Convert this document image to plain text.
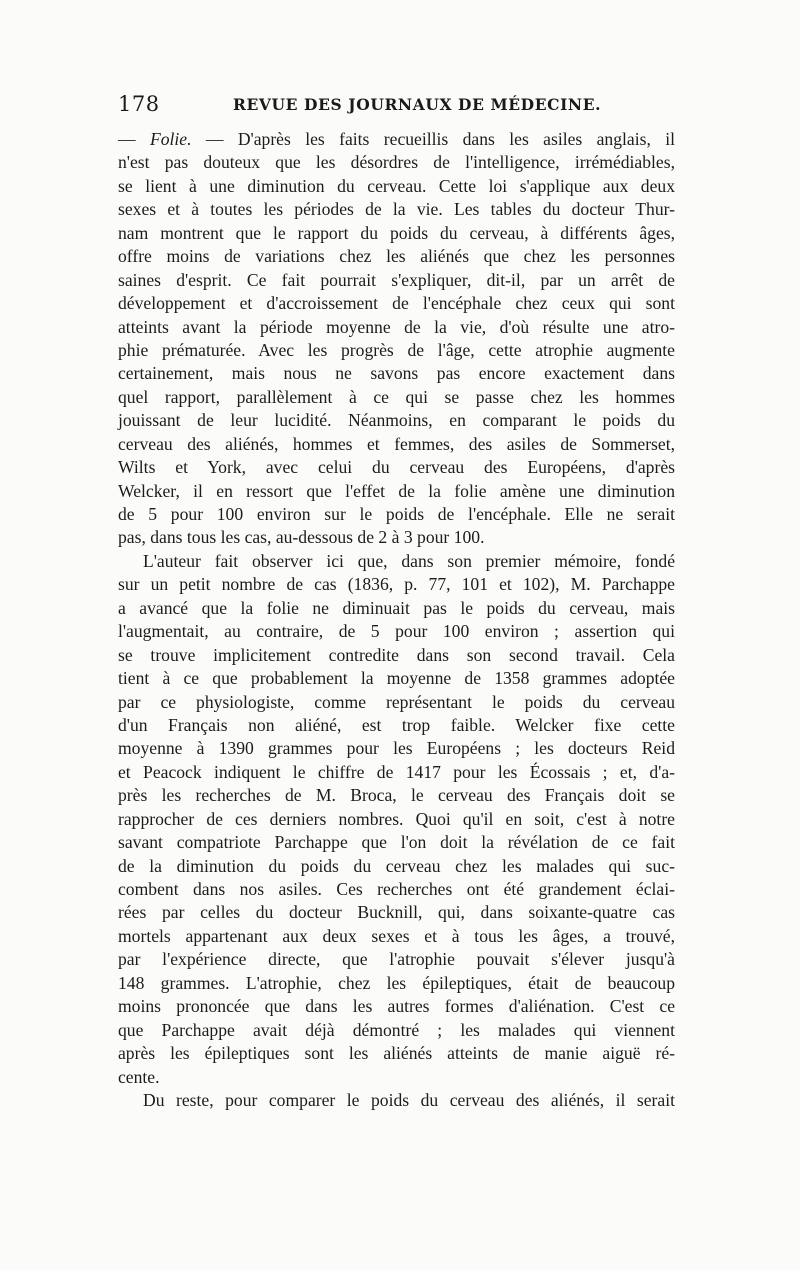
178	REVUE DES JOURNAUX DE MÉDECINE.

— Folie. — D'après les faits recueillis dans les asiles anglais, il
n'est pas douteux que les désordres de l'intelligence, irrémédiables,
se lient à une diminution du cerveau. Cette loi s'applique aux deux
sexes et à toutes les périodes de la vie. Les tables du docteur Thur-
nam montrent que le rapport du poids du cerveau, à différents âges,
offre moins de variations chez les aliénés que chez les personnes
saines d'esprit. Ce fait pourrait s'expliquer, dit-il, par un arrêt de
développement et d'accroissement de l'encéphale chez ceux qui sont
atteints avant la période moyenne de la vie, d'où résulte une atro-
phie prématurée. Avec les progrès de l'âge, cette atrophie augmente
certainement, mais nous ne savons pas encore exactement dans
quel rapport, parallèlement à ce qui se passe chez les hommes
jouissant de leur lucidité. Néanmoins, en comparant le poids du
cerveau des aliénés, hommes et femmes, des asiles de Sommerset,
Wilts et York, avec celui du cerveau des Européens, d'après
Welcker, il en ressort que l'effet de la folie amène une diminution
de 5 pour 100 environ sur le poids de l'encéphale. Elle ne serait
pas, dans tous les cas, au-dessous de 2 à 3 pour 100.

L'auteur fait observer ici que, dans son premier mémoire, fondé
sur un petit nombre de cas (1836, p. 77, 101 et 102), M. Parchappe
a avancé que la folie ne diminuait pas le poids du cerveau, mais
l'augmentait, au contraire, de 5 pour 100 environ ; assertion qui
se trouve implicitement contredite dans son second travail. Cela
tient à ce que probablement la moyenne de 1358 grammes adoptée
par ce physiologiste, comme représentant le poids du cerveau
d'un Français non aliéné, est trop faible. Welcker fixe cette
moyenne à 1390 grammes pour les Européens ; les docteurs Reid
et Peacock indiquent le chiffre de 1417 pour les Écossais ; et, d'a-
près les recherches de M. Broca, le cerveau des Français doit se
rapprocher de ces derniers nombres. Quoi qu'il en soit, c'est à notre
savant compatriote Parchappe que l'on doit la révélation de ce fait
de la diminution du poids du cerveau chez les malades qui suc-
combent dans nos asiles. Ces recherches ont été grandement éclai-
rées par celles du docteur Bucknill, qui, dans soixante-quatre cas
mortels appartenant aux deux sexes et à tous les âges, a trouvé,
par l'expérience directe, que l'atrophie pouvait s'élever jusqu'à
148 grammes. L'atrophie, chez les épileptiques, était de beaucoup
moins prononcée que dans les autres formes d'aliénation. C'est ce
que Parchappe avait déjà démontré ; les malades qui viennent
après les épileptiques sont les aliénés atteints de manie aiguë ré-
cente.

Du reste, pour comparer le poids du cerveau des aliénés, il serait
